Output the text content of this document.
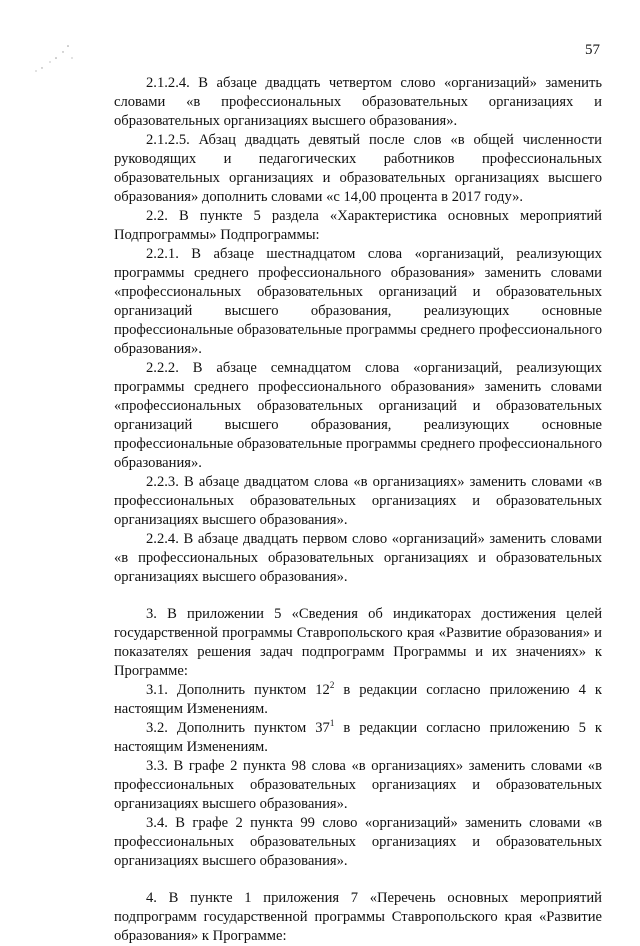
57

2.1.2.4. В абзаце двадцать четвертом слово «организаций» заменить словами «в профессиональных образовательных организациях и образовательных организациях высшего образования».

2.1.2.5. Абзац двадцать девятый после слов «в общей численности руководящих и педагогических работников профессиональных образовательных организациях и образовательных организациях высшего образования» дополнить словами «с 14,00 процента в 2017 году».

2.2. В пункте 5 раздела «Характеристика основных мероприятий Подпрограммы» Подпрограммы:

2.2.1. В абзаце шестнадцатом слова «организаций, реализующих программы среднего профессионального образования» заменить словами «профессиональных образовательных организаций и образовательных организаций высшего образования, реализующих основные профессиональные образовательные программы среднего профессионального образования».

2.2.2. В абзаце семнадцатом слова «организаций, реализующих программы среднего профессионального образования» заменить словами «профессиональных образовательных организаций и образовательных организаций высшего образования, реализующих основные профессиональные образовательные программы среднего профессионального образования».

2.2.3. В абзаце двадцатом слова «в организациях» заменить словами «в профессиональных образовательных организациях и образовательных организациях высшего образования».

2.2.4. В абзаце двадцать первом слово «организаций» заменить словами «в профессиональных образовательных организациях и образовательных организациях высшего образования».

3. В приложении 5 «Сведения об индикаторах достижения целей государственной программы Ставропольского края «Развитие образования» и показателях решения задач подпрограмм Программы и их значениях» к Программе:

3.1. Дополнить пунктом $12^2$ в редакции согласно приложению 4 к настоящим Изменениям.

3.2. Дополнить пунктом $37^1$ в редакции согласно приложению 5 к настоящим Изменениям.

3.3. В графе 2 пункта 98 слова «в организациях» заменить словами «в профессиональных образовательных организациях и образовательных организациях высшего образования».

3.4. В графе 2 пункта 99 слово «организаций» заменить словами «в профессиональных образовательных организациях и образовательных организациях высшего образования».

4. В пункте 1 приложения 7 «Перечень основных мероприятий подпрограмм государственной программы Ставропольского края «Развитие образования» к Программе:
